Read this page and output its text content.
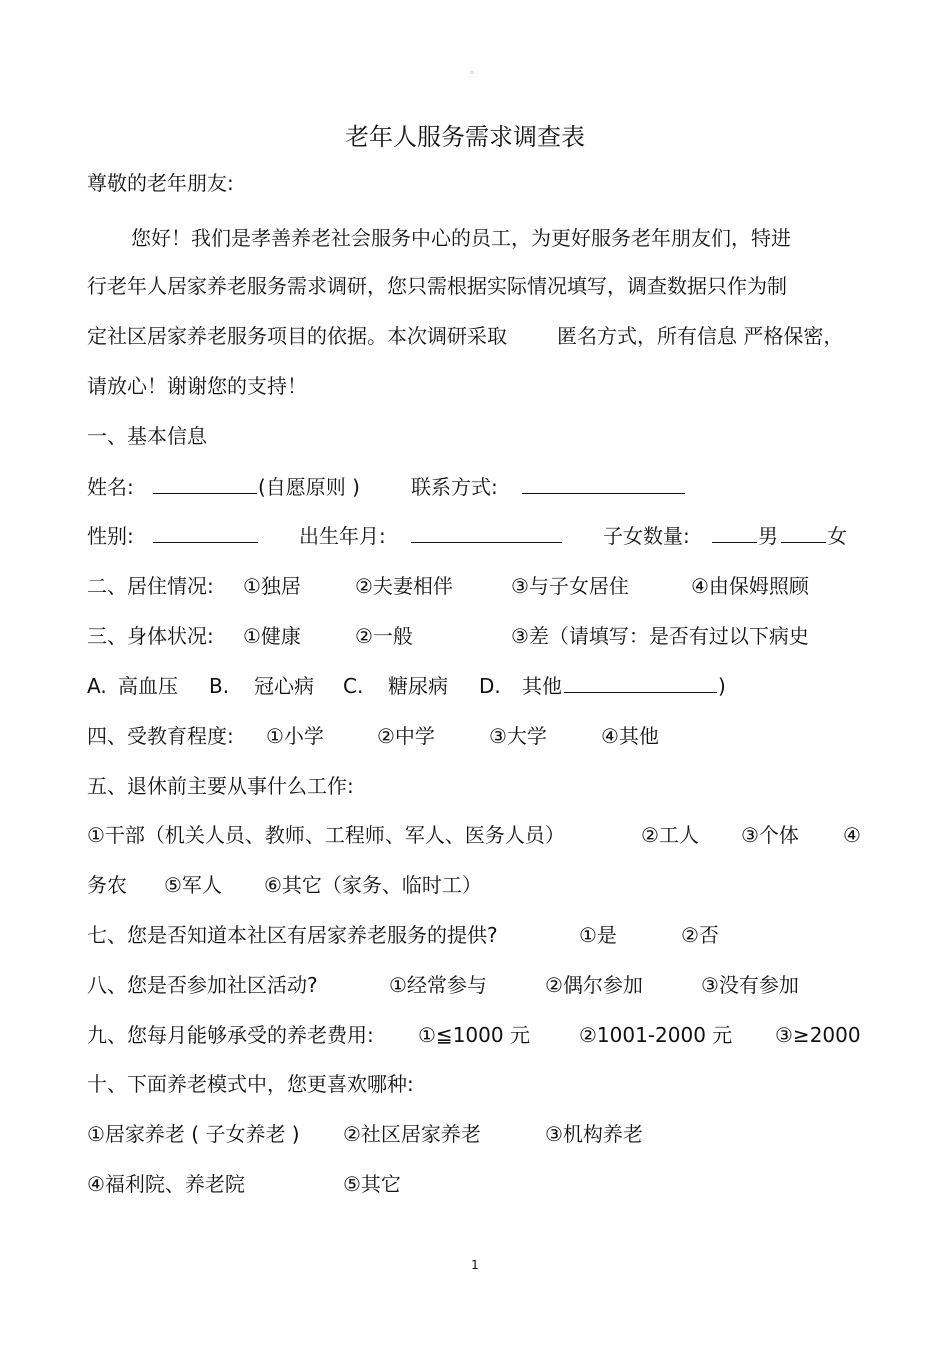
◦
老年人服务需求调查表
尊敬的老年朋友:
您好！我们是孝善养老社会服务中心的员工，为更好服务老年朋友们，特进
行老年人居家养老服务需求调研，您只需根据实际情况填写，调查数据只作为制
定社区居家养老服务项目的依据。本次调研采取	匿名方式，所有信息 严格保密，
请放心！谢谢您的支持！
一、基本信息
姓名:	(自愿原则 )	联系方式:
性别:	出生年月:	子女数量:	男 女
二、居住情况: ①独居	②夫妻相伴	③与子女居住	④由保姆照顾
三、身体状况: ①健康	②一般	③差（请填写：是否有过以下病史
A. 高血压 B. 冠心病 C. 糖尿病 D. 其他	)
四、受教育程度: ①小学	②中学	③大学	④其他
五、退休前主要从事什么工作:
①干部（机关人员、教师、工程师、军人、医务人员）	②工人 ③个体 ④
务农 ⑤军人 ⑥其它（家务、临时工）
七、您是否知道本社区有居家养老服务的提供?	①是	②否
八、您是否参加社区活动?	①经常参与	②偶尔参加	③没有参加
九、您每月能够承受的养老费用: ①≦1000 元 ②1001-2000 元 ③≥2000
十、下面养老模式中，您更喜欢哪种:
①居家养老 ( 子女养老 ) ②社区居家养老	③机构养老
④福利院、养老院	⑤其它
1
